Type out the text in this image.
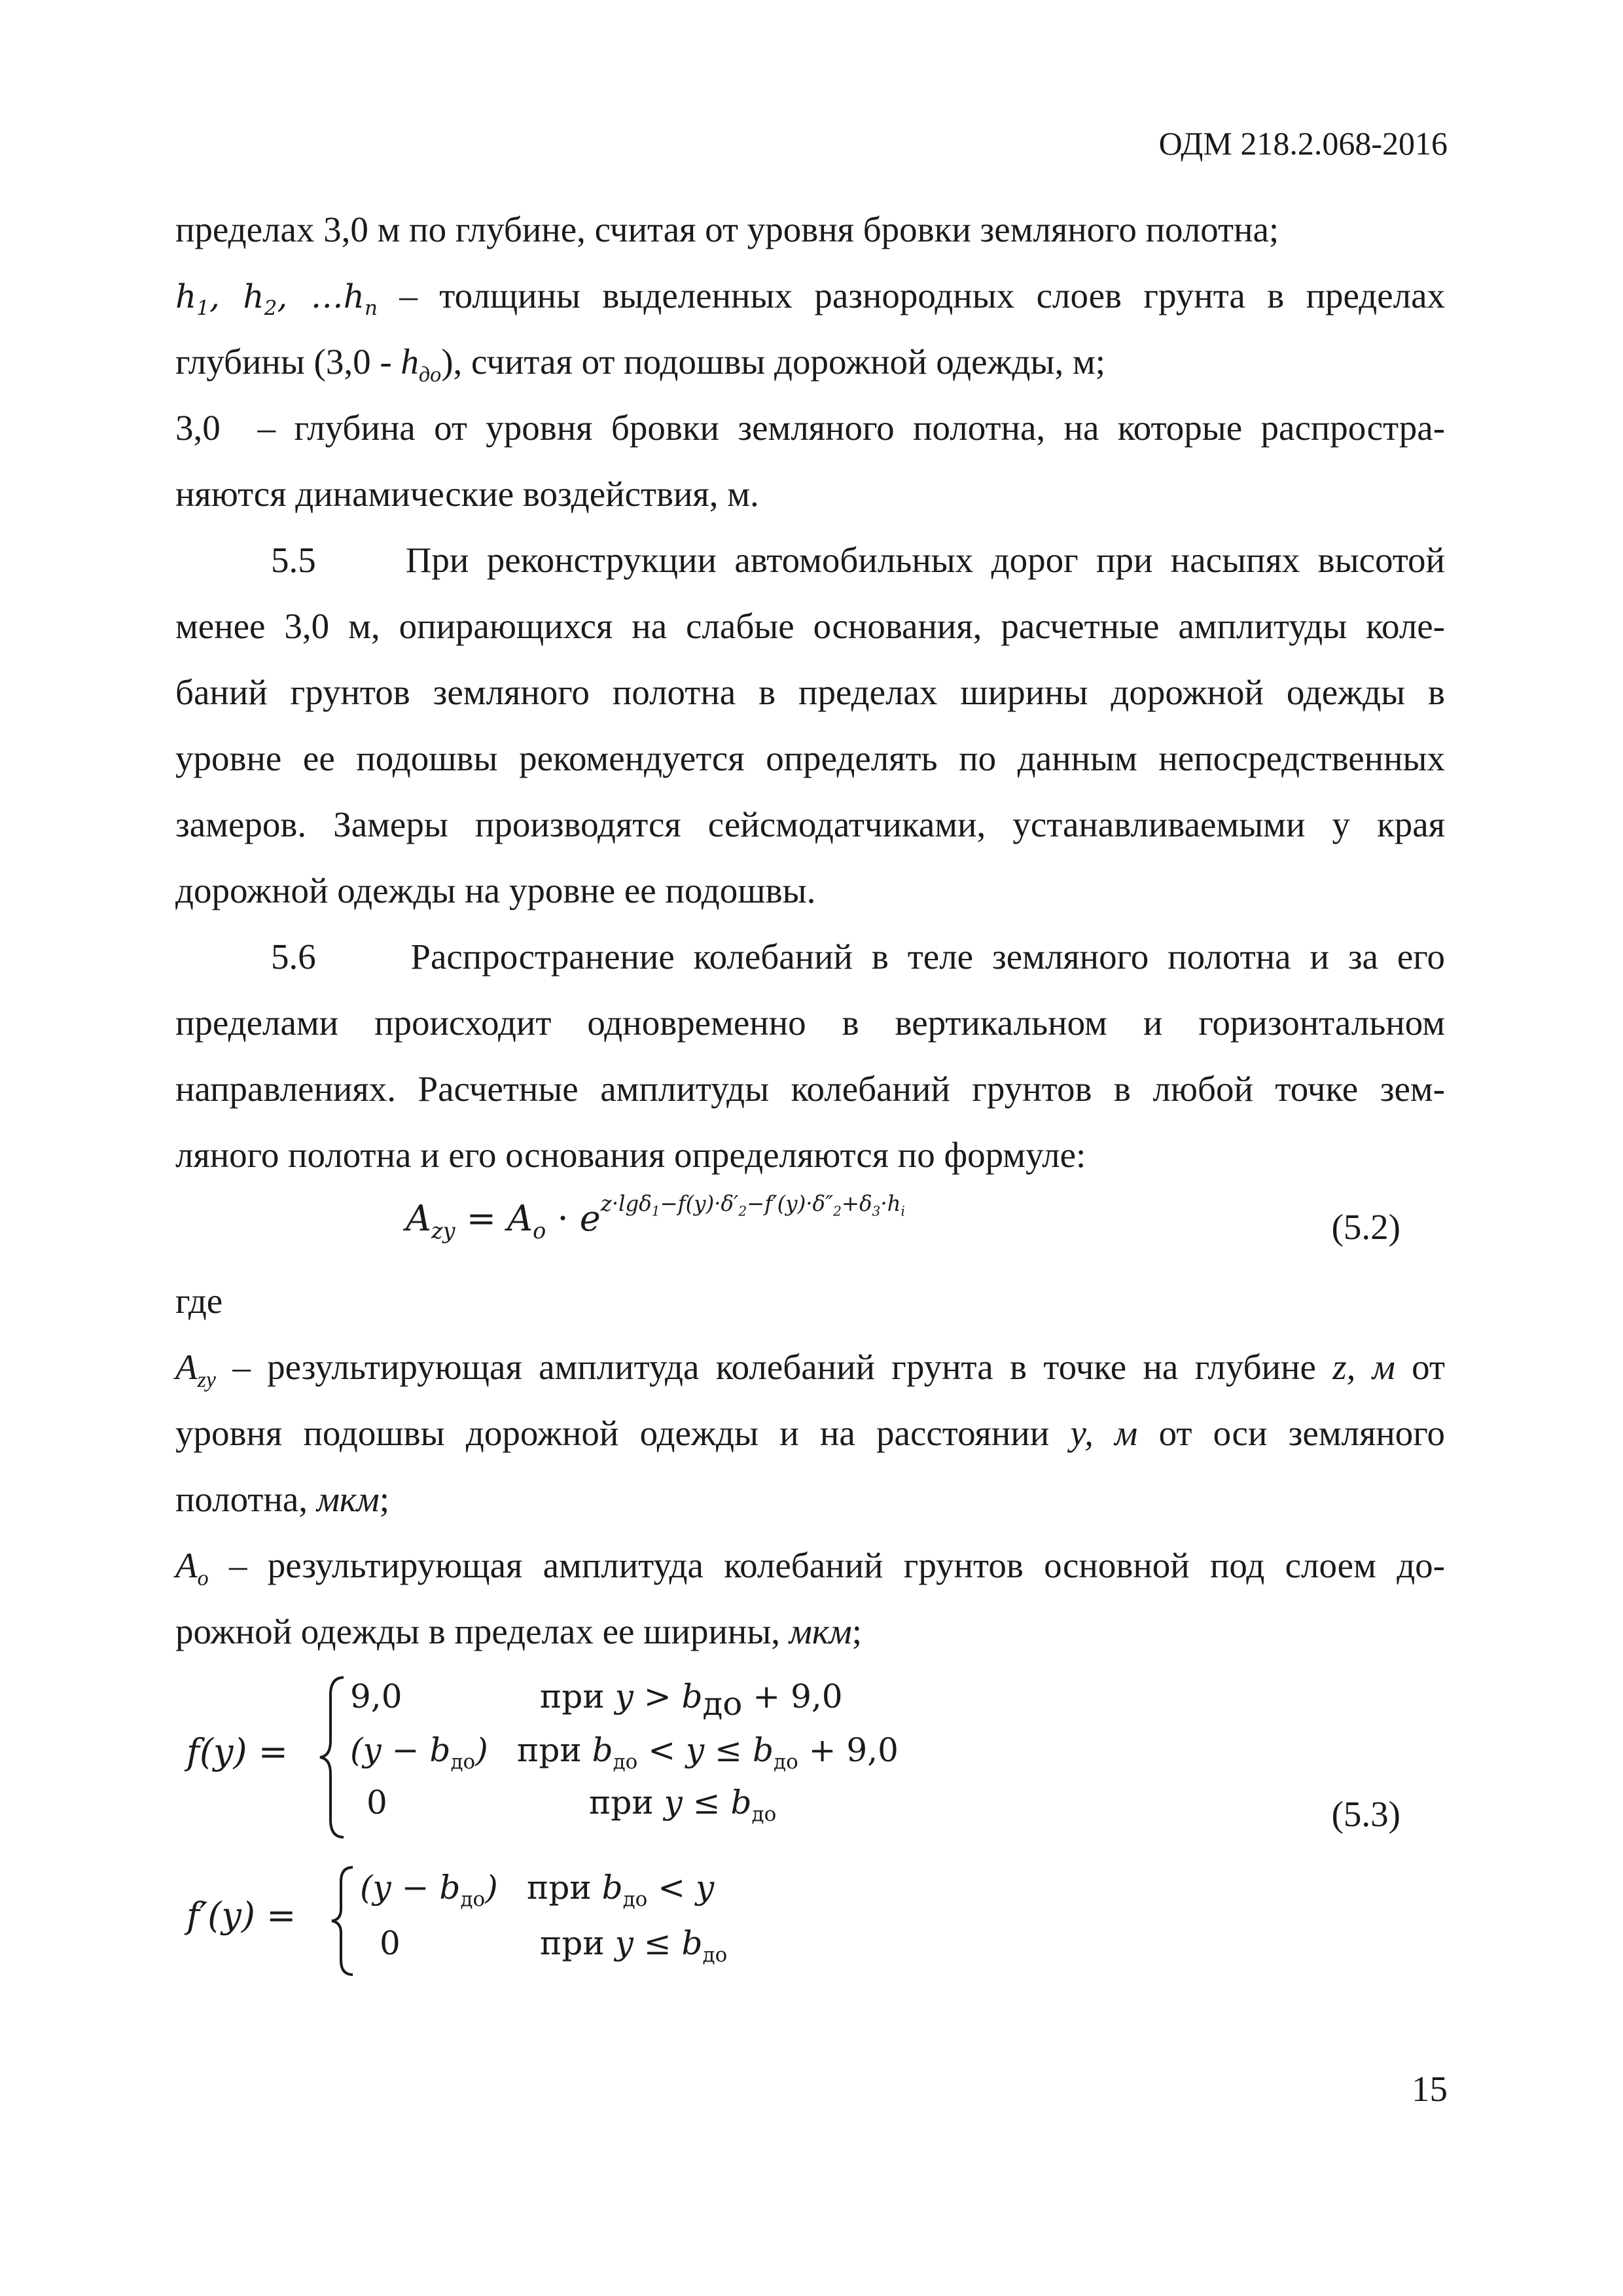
ОДМ 218.2.068-2016
пределах 3,0 м по глубине, считая от уровня бровки земляного полотна;
$h_1$, $h_2$, $\dots h_n$ – толщины выделенных разнородных слоев грунта в пределах
глубины $(3,0 - h_{до})$, считая от подошвы дорожной одежды, м;
3,0 – глубина от уровня бровки земляного полотна, на которые распростра-
няются динамические воздействия, м.
5.5 При реконструкции автомобильных дорог при насыпях высотой
менее 3,0 м, опирающихся на слабые основания, расчетные амплитуды коле-
баний грунтов земляного полотна в пределах ширины дорожной одежды в
уровне ее подошвы рекомендуется определять по данным непосредственных
замеров. Замеры производятся сейсмодатчиками, устанавливаемыми у края
дорожной одежды на уровне ее подошвы.
5.6	Распространение колебаний в теле земляного полотна и за его
пределами происходит одновременно в вертикальном и горизонтальном
направлениях. Расчетные амплитуды колебаний грунтов в любой точке зем-
ляного полотна и его основания определяются по формуле:
$A_{zy} = A_o \cdot e^{z\cdot lg\delta_1-f(y)\cdot\delta'_2-f'(y)\cdot\delta''_2+\delta_3\cdot h_i}$	(5.2)
где
$A_{zy}$ – результирующая амплитуда колебаний грунта в точке на глубине z, м от
уровня подошвы дорожной одежды и на расстоянии у, м от оси земляного
полотна, мкм;
$A_o$ – результирующая амплитуда колебаний грунтов основной под слоем до-
рожной одежды в пределах ее ширины, мкм;
f(y) =
9,0	при $y > b_{до} + 9,0$
$(y - b_{до})$ при $b_{до} < y \le b_{до} + 9,0$
0	при $y \le b_{до}$	(5.3)
f′(y) =
$(y - b_{до})$ при $b_{до} < y$
0	при $y \le b_{до}$
15
